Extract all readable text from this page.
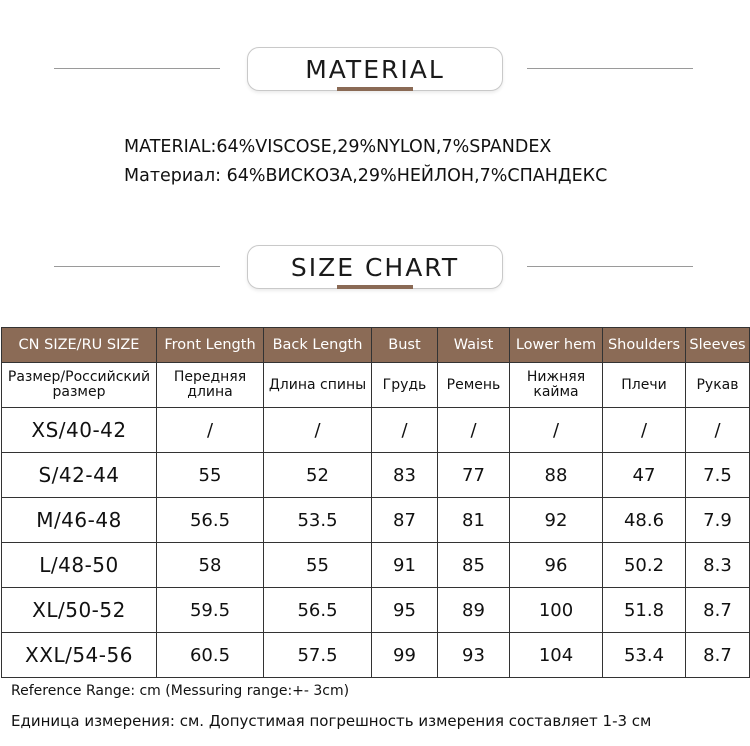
MATERIAL
MATERIAL:64%VISCOSE,29%NYLON,7%SPANDEX
Материал: 64%ВИСКОЗА,29%НЕЙЛОН,7%СПАНДЕКС
SIZE CHART
CN SIZE/RU SIZE	Front Length	Back Length	Bust	Waist	Lower hem	Shoulders	Sleeves
Размер/Российский размер	Передняя длина	Длина спины	Грудь	Ремень	Нижняя кайма	Плечи	Рукав
XS/40-42	/	/	/	/	/	/	/
S/42-44	55	52	83	77	88	47	7.5
M/46-48	56.5	53.5	87	81	92	48.6	7.9
L/48-50	58	55	91	85	96	50.2	8.3
XL/50-52	59.5	56.5	95	89	100	51.8	8.7
XXL/54-56	60.5	57.5	99	93	104	53.4	8.7
Reference Range: cm (Messuring range:+- 3cm)
Единица измерения: см. Допустимая погрешность измерения составляет 1-3 см
